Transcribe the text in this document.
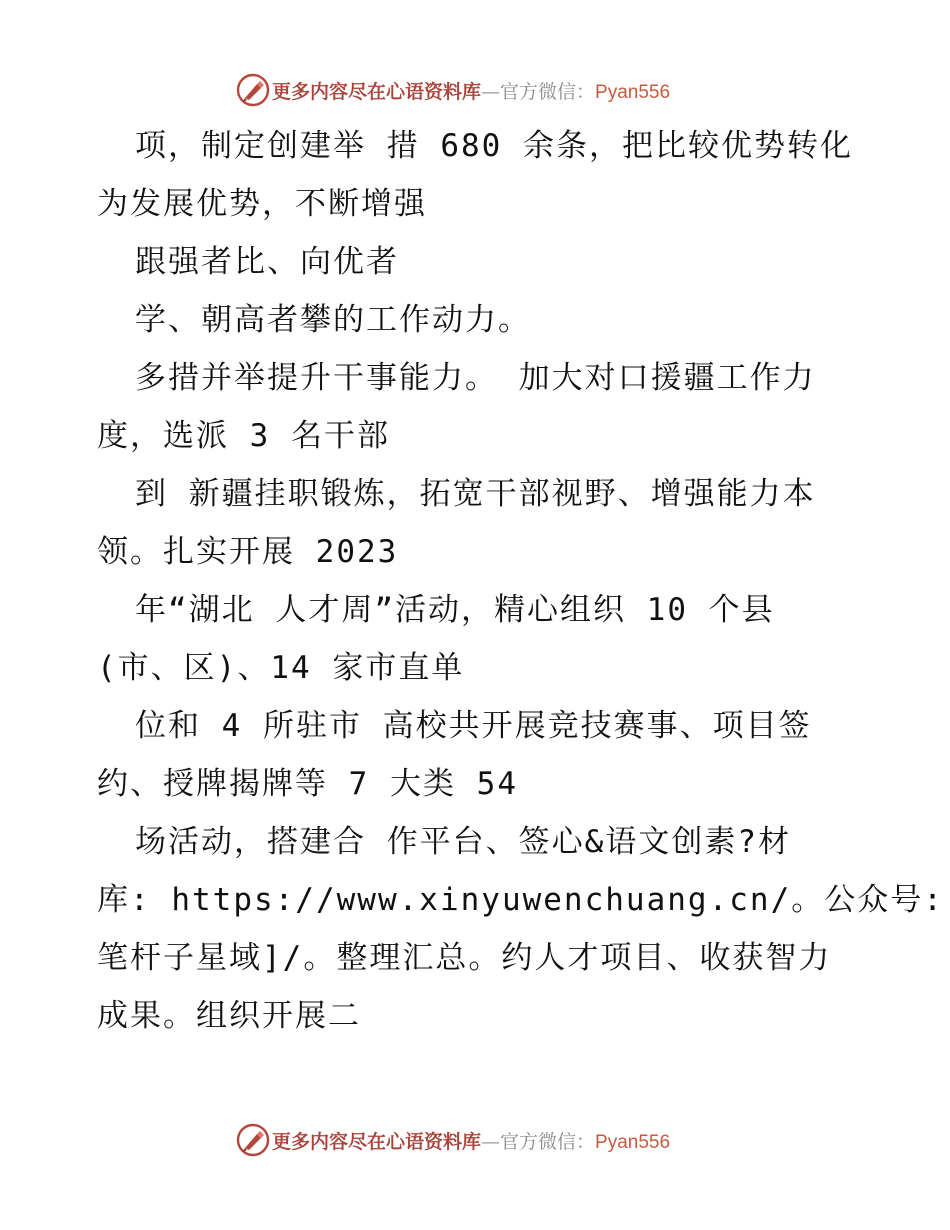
更多内容尽在心语资料库—官方微信：Pyan556
项，制定创建举 措 680 余条，把比较优势转化
为发展优势，不断增强
跟强者比、向优者
学、朝高者攀的工作动力。
多措并举提升干事能力。 加大对口援疆工作力
度，选派 3 名干部
到 新疆挂职锻炼，拓宽干部视野、增强能力本
领。扎实开展 2023
年“湖北 人才周”活动，精心组织 10 个县
(市、区)、14 家市直单
位和 4 所驻市 高校共开展竞技赛事、项目签
约、授牌揭牌等 7 大类 54
场活动，搭建合 作平台、签心&语文创素?材
库: https://www.xinyuwenchuang.cn/。公众号:
笔杆子星域]/。整理汇总。约人才项目、收获智力
成果。组织开展二
更多内容尽在心语资料库—官方微信：Pyan556
